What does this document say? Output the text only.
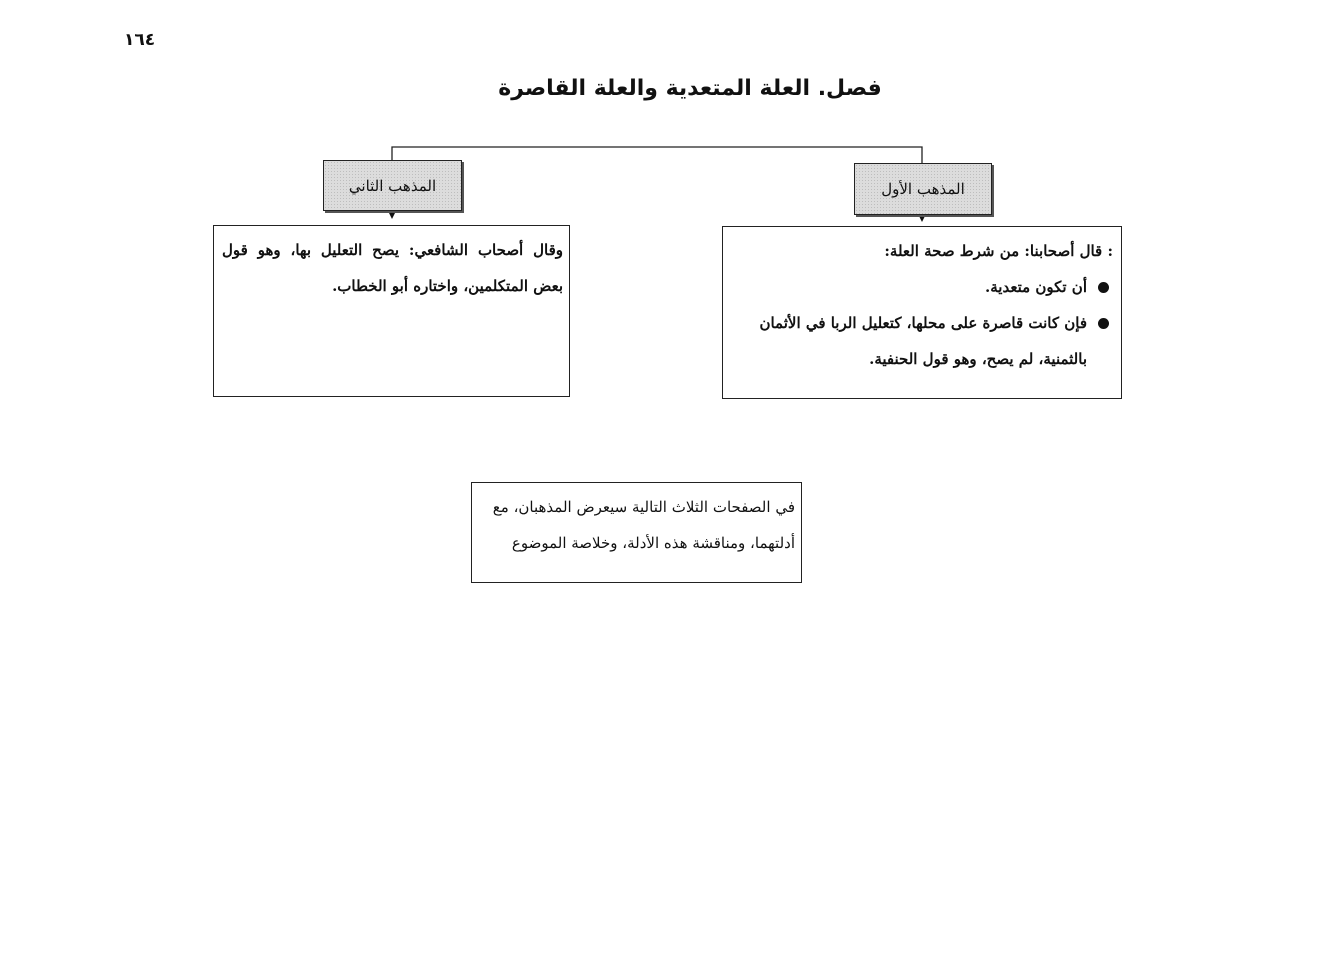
١٦٤
فصل. العلة المتعدية والعلة القاصرة
المذهب الأول
المذهب الثاني
: قال أصحابنا: من شرط صحة العلة:
أن تكون متعدية.
فإن كانت قاصرة على محلها، كتعليل الربا في الأثمان بالثمنية، لم يصح، وهو قول الحنفية.
وقال أصحاب الشافعي: يصح التعليل بها، وهو قول بعض المتكلمين، واختاره أبو الخطاب.
في الصفحات الثلاث التالية سيعرض المذهبان، مع أدلتهما، ومناقشة هذه الأدلة، وخلاصة الموضوع
